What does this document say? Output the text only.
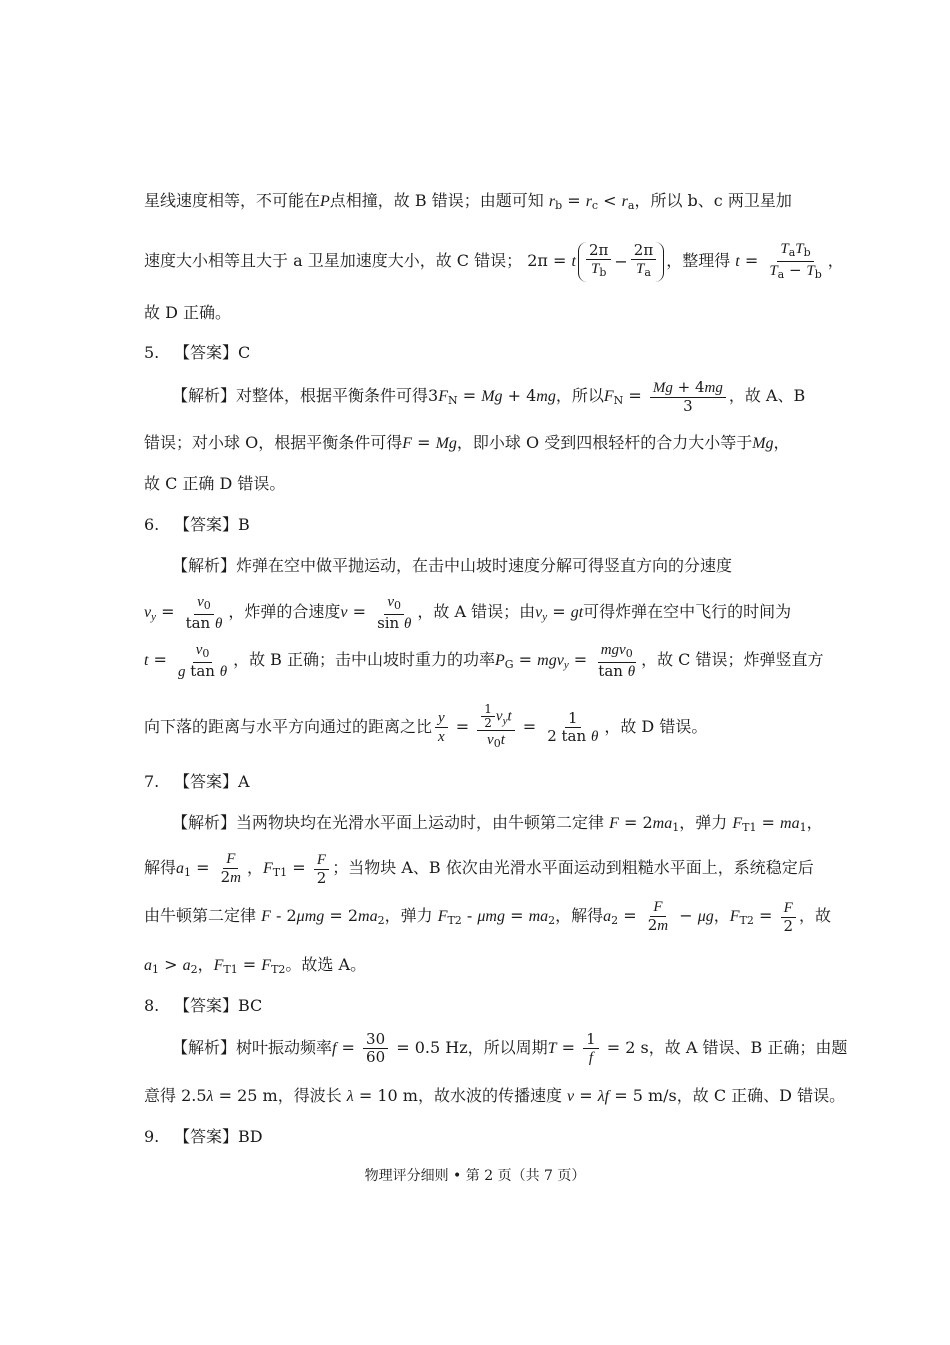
星线速度相等，不可能在P点相撞，故 B 错误；由题可知 $r_b = r_c < r_a$，所以 b、c 两卫星加
速度大小相等且大于 a 卫星加速度大小，故 C 错误； 2π = t $\frac{2\pi}{T_b} - \frac{2\pi}{T_a}$ ，整理得 $t = \frac{T_aT_b}{T_a - T_b}$ ，
故 D 正确。
5. 【答案】C
【解析】对整体，根据平衡条件可得$3F_N = Mg + 4mg$，所以$F_N = \frac{Mg + 4mg}{3}$ ，故 A、B
错误；对小球 O，根据平衡条件可得F = Mg，即小球 O 受到四根轻杆的合力大小等于Mg，
故 C 正确 D 错误。
6. 【答案】B
【解析】炸弹在空中做平抛运动，在击中山坡时速度分解可得竖直方向的分速度
$v_y = \frac{v_0}{\text{tan θ}}$ ，炸弹的合速度$v = \frac{v_0}{\text{sin θ}}$ ，故 A 错误；由$v_y$ = gt可得炸弹在空中飞行的时间为
$t = \frac{v_0}{\text{g tan θ}}$ ，故 B 正确；击中山坡时重力的功率$P_G = mgv_y = \frac{mgv_0}{\text{tan θ}}$ ，故 C 错误；炸弹竖直方
向下落的距离与水平方向通过的距离之比 $\frac{y}{x} = \frac{\frac{1}{2} v_yt}{v_0t} = \frac{1}{\text{2 tan θ}}$ ，故 D 错误。
7. 【答案】A
【解析】当两物块均在光滑水平面上运动时，由牛顿第二定律 $F = 2ma_1$，弹力 $F_{T1} = ma_1$，
解得$a_1 = \frac{F}{2m}$ ，$F_{T1} = \frac{F}{2}$ ；当物块 A、B 依次由光滑水平面运动到粗糙水平面上，系统稳定后
由牛顿第二定律 $F - 2\mu mg = 2ma_2$，弹力 $F_{T2} - \mu mg = ma_2$，解得$a_2 = \frac{F}{2m} - \mu g$，$F_{T2} = \frac{F}{2}$ ，故
$a_1 > a_2$，$F_{T1} = F_{T2}$。故选 A。
8. 【答案】BC
【解析】树叶振动频率$f = \frac{30}{60} = 0.5$ Hz，所以周期$T = \frac{1}{f} = 2$ s，故 A 错误、B 正确；由题
意得 2.5λ = 25 m，得波长 λ = 10 m，故水波的传播速度 v = λf = 5 m/s，故 C 正确、D 错误。
9. 【答案】BD
物理评分细则 • 第 2 页（共 7 页）
